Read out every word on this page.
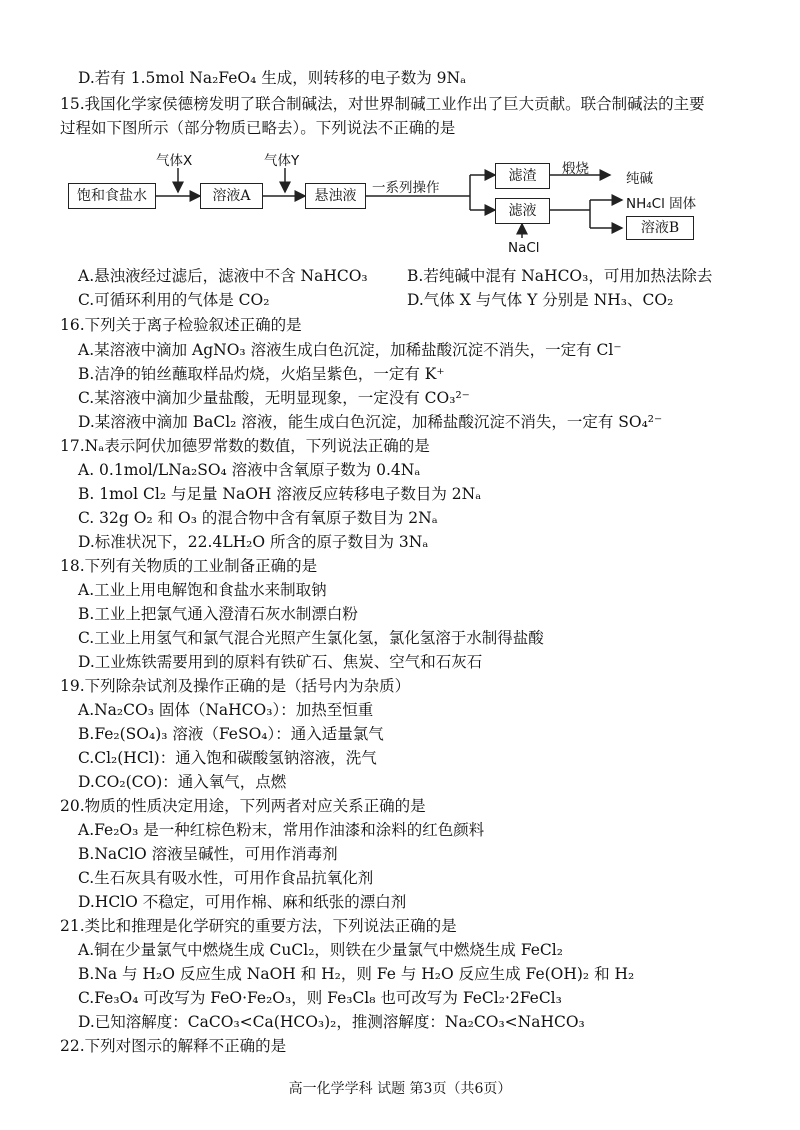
D.若有 1.5mol Na₂FeO₄ 生成，则转移的电子数为 9Nₐ
15.我国化学家侯德榜发明了联合制碱法，对世界制碱工业作出了巨大贡献。联合制碱法的主要
过程如下图所示（部分物质已略去）。下列说法不正确的是
饱和食盐水	溶液A	悬浊液
滤渣
滤液
溶液B
气体X	气体Y
一系列操作
煅烧
纯碱
NH₄Cl 固体
NaCl
A.悬浊液经过滤后，滤液中不含 NaHCO₃	B.若纯碱中混有 NaHCO₃，可用加热法除去
C.可循环利用的气体是 CO₂	D.气体 X 与气体 Y 分别是 NH₃、CO₂
16.下列关于离子检验叙述正确的是
A.某溶液中滴加 AgNO₃ 溶液生成白色沉淀，加稀盐酸沉淀不消失，一定有 Cl⁻
B.洁净的铂丝蘸取样品灼烧，火焰呈紫色，一定有 K⁺
C.某溶液中滴加少量盐酸，无明显现象，一定没有 CO₃²⁻
D.某溶液中滴加 BaCl₂ 溶液，能生成白色沉淀，加稀盐酸沉淀不消失，一定有 SO₄²⁻
17.Nₐ表示阿伏加德罗常数的数值，下列说法正确的是
A. 0.1mol/LNa₂SO₄ 溶液中含氧原子数为 0.4Nₐ
B. 1mol Cl₂ 与足量 NaOH 溶液反应转移电子数目为 2Nₐ
C. 32g O₂ 和 O₃ 的混合物中含有氧原子数目为 2Nₐ
D.标准状况下，22.4LH₂O 所含的原子数目为 3Nₐ
18.下列有关物质的工业制备正确的是
A.工业上用电解饱和食盐水来制取钠
B.工业上把氯气通入澄清石灰水制漂白粉
C.工业上用氢气和氯气混合光照产生氯化氢，氯化氢溶于水制得盐酸
D.工业炼铁需要用到的原料有铁矿石、焦炭、空气和石灰石
19.下列除杂试剂及操作正确的是（括号内为杂质）
A.Na₂CO₃ 固体（NaHCO₃）：加热至恒重
B.Fe₂(SO₄)₃ 溶液（FeSO₄）：通入适量氯气
C.Cl₂(HCl)：通入饱和碳酸氢钠溶液，洗气
D.CO₂(CO)：通入氧气，点燃
20.物质的性质决定用途，下列两者对应关系正确的是
A.Fe₂O₃ 是一种红棕色粉末，常用作油漆和涂料的红色颜料
B.NaClO 溶液呈碱性，可用作消毒剂
C.生石灰具有吸水性，可用作食品抗氧化剂
D.HClO 不稳定，可用作棉、麻和纸张的漂白剂
21.类比和推理是化学研究的重要方法，下列说法正确的是
A.铜在少量氯气中燃烧生成 CuCl₂，则铁在少量氯气中燃烧生成 FeCl₂
B.Na 与 H₂O 反应生成 NaOH 和 H₂，则 Fe 与 H₂O 反应生成 Fe(OH)₂ 和 H₂
C.Fe₃O₄ 可改写为 FeO·Fe₂O₃，则 Fe₃Cl₈ 也可改写为 FeCl₂·2FeCl₃
D.已知溶解度：CaCO₃<Ca(HCO₃)₂，推测溶解度：Na₂CO₃<NaHCO₃
22.下列对图示的解释不正确的是
高一化学学科 试题 第3页（共6页）
